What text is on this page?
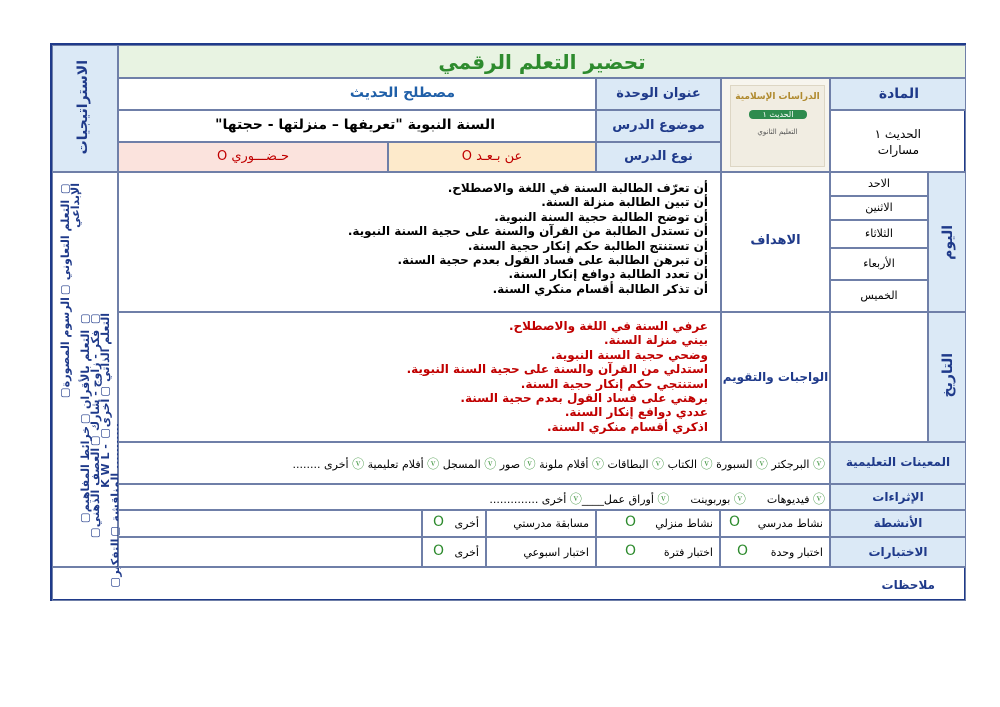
الاستراتيجيات
▢التعلم التعاوني ▢الرسوم المصورة ▢
الإبداعي
▢التعلم بالأقران ▢خرائط المفاهيم ▢
▢فكر - زاوج - شارك ▢العصف الذهني ▢
K W L - ▢التعلم الذاتي ▢أخرى
▢المناقشة ▢التفكير ...........
تحضير التعلم الرقمي
المادة
الحديث ١
مسارات
الدراسات الإسلامية
الحديث ١
التعليم الثانوي
عنوان الوحدة
موضوع الدرس
نوع الدرس
مصطلح الحديث
السنة النبوية "تعريفها – منزلتها - حجتها"
عن بـعـد O
حـضـــوري O
اليوم
التاريخ
الاحد
الاثنين
الثلاثاء
الأربعاء
الخميس
الاهداف
أن تعرّف الطالبة السنة في اللغة والاصطلاح.
أن تبين الطالبة منزلة السنة.
أن توضح الطالبة حجية السنة النبوية.
أن تستدل الطالبة من القرآن والسنة على حجية السنة النبوية.
أن تستنتج الطالبة حكم إنكار حجية السنة.
أن تبرهن الطالبة على فساد القول بعدم حجية السنة.
أن تعدد الطالبة دوافع إنكار السنة.
أن تذكر الطالبة أقسام منكري السنة.
الواجبات والتقويم
عرفي السنة في اللغة والاصطلاح.
بيني منزلة السنة.
وضحي حجية السنة النبوية.
استدلي من القرآن والسنة على حجية السنة النبوية.
استنتجي حكم إنكار حجية السنة.
برهني على فساد القول بعدم حجية السنة.
عددي دوافع إنكار السنة.
اذكري أقسام منكري السنة.
المعينات التعليمية
ⓥ البرجكتر ⓥ السبورة ⓥ الكتاب ⓥ البطاقات ⓥ أقلام ملونة ⓥ صور ⓥ المسجل ⓥ أفلام تعليمية ⓥ أخرى ........
الإثراءات
ⓥ فيديوهات      ⓥ بوربوينت      ⓥ أوراق عمل____ⓥ أخرى ..............
الأنشطة
نشاط مدرسي
O
نشاط منزلي
O
مسابقة مدرستي
أخرى
O
الاختبارات
اختبار وحدة
O
اختبار فترة
O
اختبار اسبوعي
أخرى
O
ملاحظات
